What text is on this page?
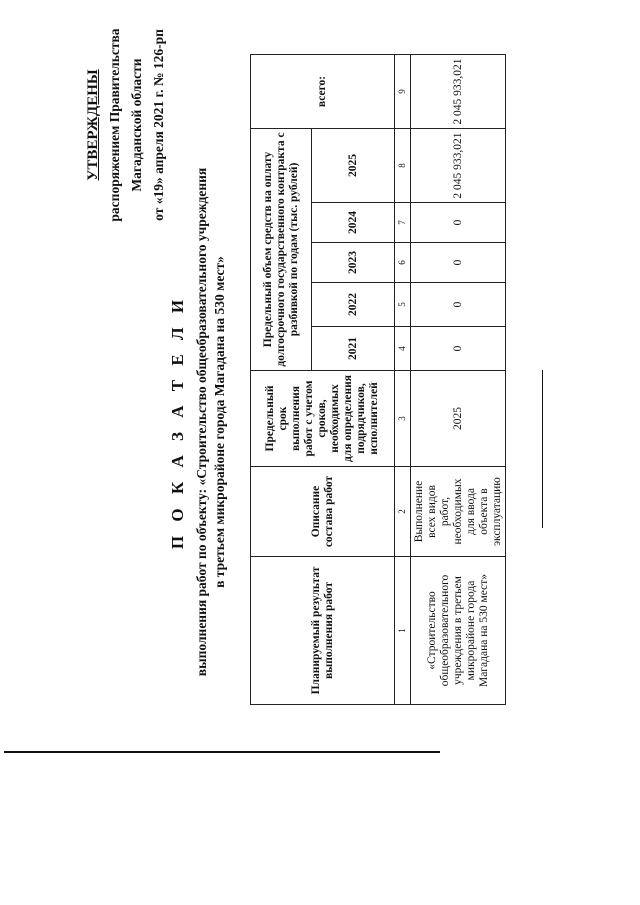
УТВЕРЖДЕНЫ распоряжением Правительства Магаданской области от «19» апреля 2021 г. № 126-рп
П О К А З А Т Е Л И выполнения работ по объекту: «Строительство общеобразовательного учреждения в третьем микрорайоне города Магадана на 530 мест»
Планируемый результат выполнения работ	Описание состава работ	Предельный срок выполнения работ с учетом сроков, необходимых для определения подрядчиков, исполнителей	Предельный объем средств на оплату долгосрочного государственного контракта с разбивкой по годам (тыс. рублей)					всего:
			2021	2022	2023	2024	2025	
1	2	3	4	5	6	7	8	9
«Строительство общеобразовательного учреждения в третьем микрорайоне города Магадана на 530 мест»	Выполнение всех видов работ, необходимых для ввода объекта в эксплуатацию	2025	0	0	0	0	2 045 933,021	2 045 933,021
